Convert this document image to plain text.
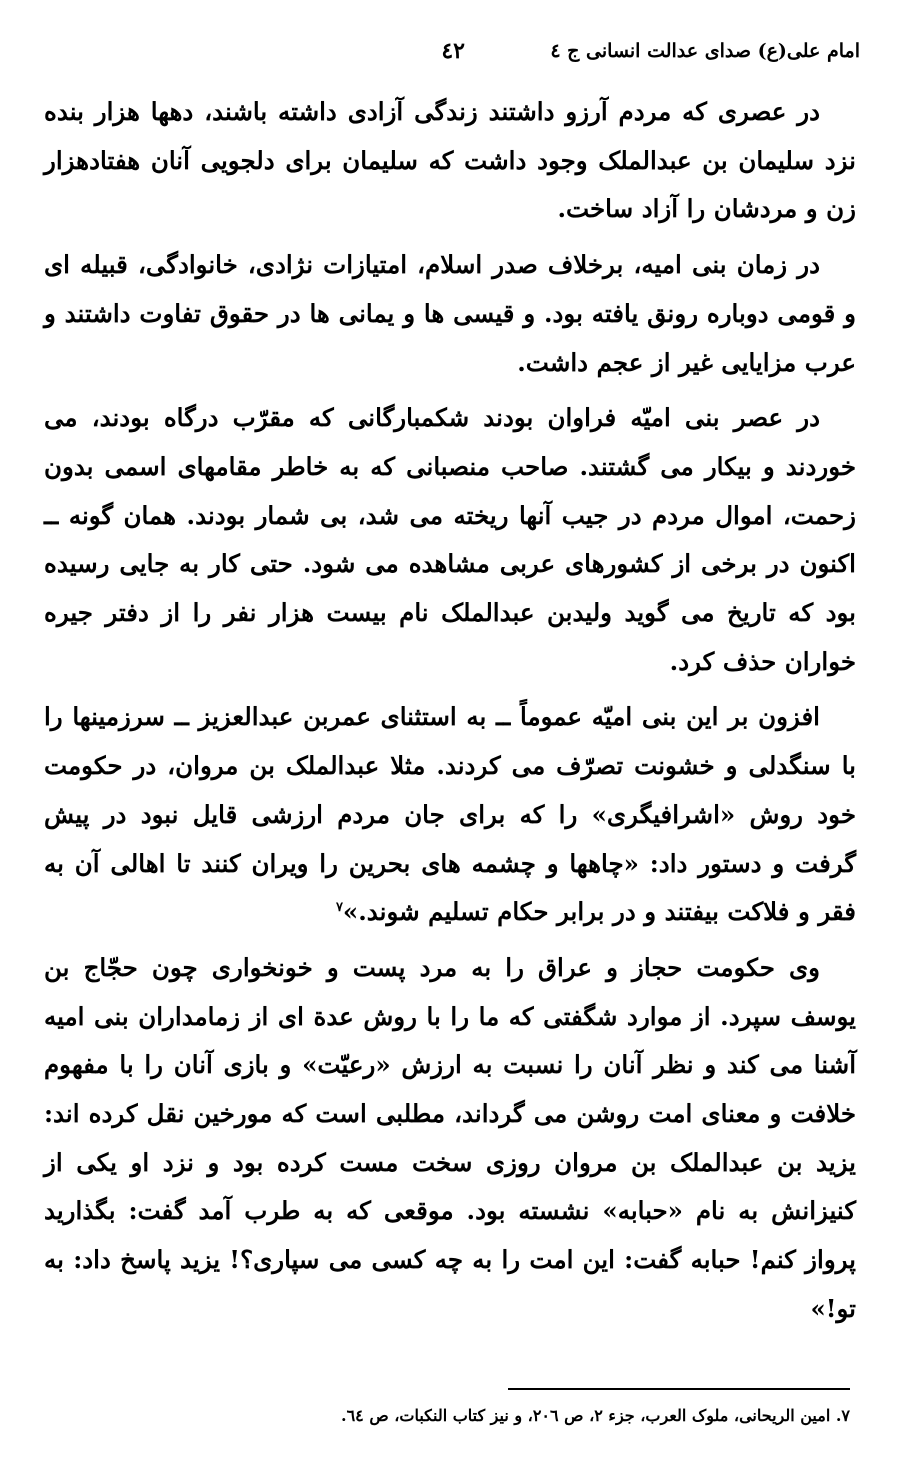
امام علی(ع) صدای عدالت انسانی ج ٤
٤٢

در عصری که مردم آرزو داشتند زندگی آزادی داشته باشند، دهها هزار بنده نزد سلیمان بن عبدالملک وجود داشت که سلیمان برای دلجویی آنان هفتادهزار زن و مردشان را آزاد ساخت.

در زمان بنی امیه، برخلاف صدر اسلام، امتیازات نژادی، خانوادگی، قبیله ای و قومی دوباره رونق یافته بود. و قیسی ها و یمانی ها در حقوق تفاوت داشتند و عرب مزایایی غیر از عجم داشت.

در عصر بنی امیّه فراوان بودند شکمبارگانی که مقرّب درگاه بودند، می خوردند و بیکار می گشتند. صاحب منصبانی که به خاطر مقامهای اسمی بدون زحمت، اموال مردم در جیب آنها ریخته می شد، بی شمار بودند. همان گونه ــ اکنون در برخی از کشورهای عربی مشاهده می شود. حتی کار به جایی رسیده بود که تاریخ می گوید ولیدبن عبدالملک نام بیست هزار نفر را از دفتر جیره خواران حذف کرد.

افزون بر این بنی امیّه عموماً ــ به استثنای عمربن عبدالعزیز ــ سرزمینها را با سنگدلی و خشونت تصرّف می کردند. مثلا عبدالملک بن مروان، در حکومت خود روش «اشرافیگری» را که برای جان مردم ارزشی قایل نبود در پیش گرفت و دستور داد: «چاهها و چشمه های بحرین را ویران کنند تا اهالی آن به فقر و فلاکت بیفتند و در برابر حکام تسلیم شوند.»$^٧$

وی حکومت حجاز و عراق را به مرد پست و خونخواری چون حجّاج بن یوسف سپرد. از موارد شگفتی که ما را با روش عدة ای از زمامداران بنی امیه آشنا می کند و نظر آنان را نسبت به ارزش «رعیّت» و بازی آنان را با مفهوم خلافت و معنای امت روشن می گرداند، مطلبی است که مورخین نقل کرده اند: یزید بن عبدالملک بن مروان روزی سخت مست کرده بود و نزد او یکی از کنیزانش به نام «حبابه» نشسته بود. موقعی که به طرب آمد گفت: بگذارید پرواز کنم! حبابه گفت: این امت را به چه کسی می سپاری؟! یزید پاسخ داد: به تو!»

٧. امین الریحانی، ملوک العرب، جزء ٢، ص ٢٠٦، و نیز کتاب النکبات، ص ٦٤.
